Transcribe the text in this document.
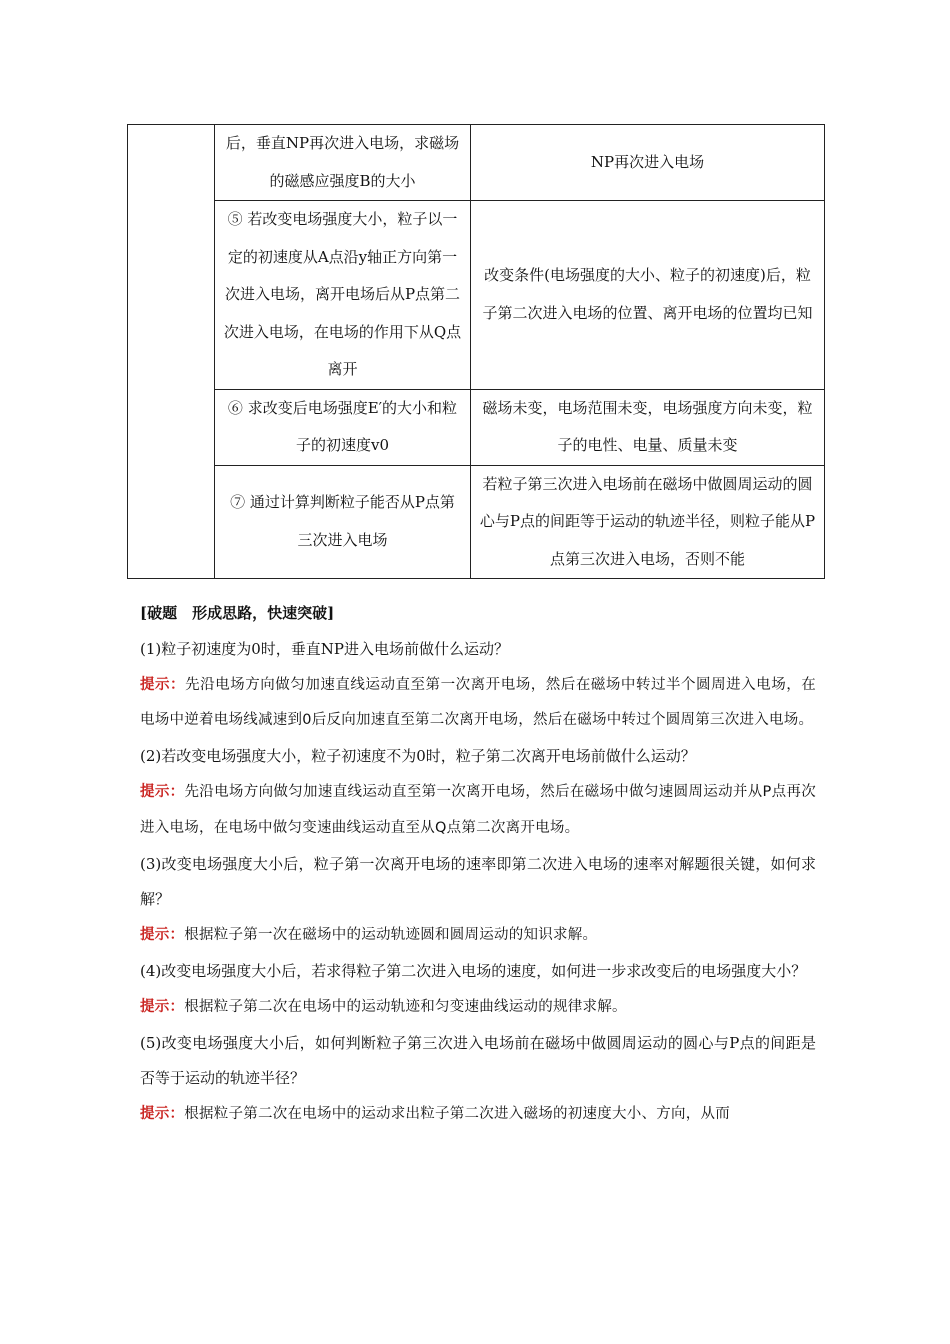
	后，垂直NP再次进入电场，求磁场的磁感应强度B的大小	NP再次进入电场
	⑤ 若改变电场强度大小，粒子以一定的初速度从A点沿y轴正方向第一次进入电场，离开电场后从P点第二次进入电场，在电场的作用下从Q点离开	改变条件(电场强度的大小、粒子的初速度)后，粒子第二次进入电场的位置、离开电场的位置均已知
	⑥ 求改变后电场强度E′的大小和粒子的初速度v0	磁场未变，电场范围未变，电场强度方向未变，粒子的电性、电量、质量未变
	⑦ 通过计算判断粒子能否从P点第三次进入电场	若粒子第三次进入电场前在磁场中做圆周运动的圆心与P点的间距等于运动的轨迹半径，则粒子能从P点第三次进入电场，否则不能

[破题　形成思路，快速突破]

(1)粒子初速度为0时，垂直NP进入电场前做什么运动？

提示：先沿电场方向做匀加速直线运动直至第一次离开电场，然后在磁场中转过半个圆周进入电场，在电场中逆着电场线减速到0后反向加速直至第二次离开电场，然后在磁场中转过个圆周第三次进入电场。

(2)若改变电场强度大小，粒子初速度不为0时，粒子第二次离开电场前做什么运动？

提示：先沿电场方向做匀加速直线运动直至第一次离开电场，然后在磁场中做匀速圆周运动并从P点再次进入电场，在电场中做匀变速曲线运动直至从Q点第二次离开电场。

(3)改变电场强度大小后，粒子第一次离开电场的速率即第二次进入电场的速率对解题很关键，如何求解？

提示：根据粒子第一次在磁场中的运动轨迹圆和圆周运动的知识求解。

(4)改变电场强度大小后，若求得粒子第二次进入电场的速度，如何进一步求改变后的电场强度大小？

提示：根据粒子第二次在电场中的运动轨迹和匀变速曲线运动的规律求解。

(5)改变电场强度大小后，如何判断粒子第三次进入电场前在磁场中做圆周运动的圆心与P点的间距是否等于运动的轨迹半径？

提示：根据粒子第二次在电场中的运动求出粒子第二次进入磁场的初速度大小、方向，从而
